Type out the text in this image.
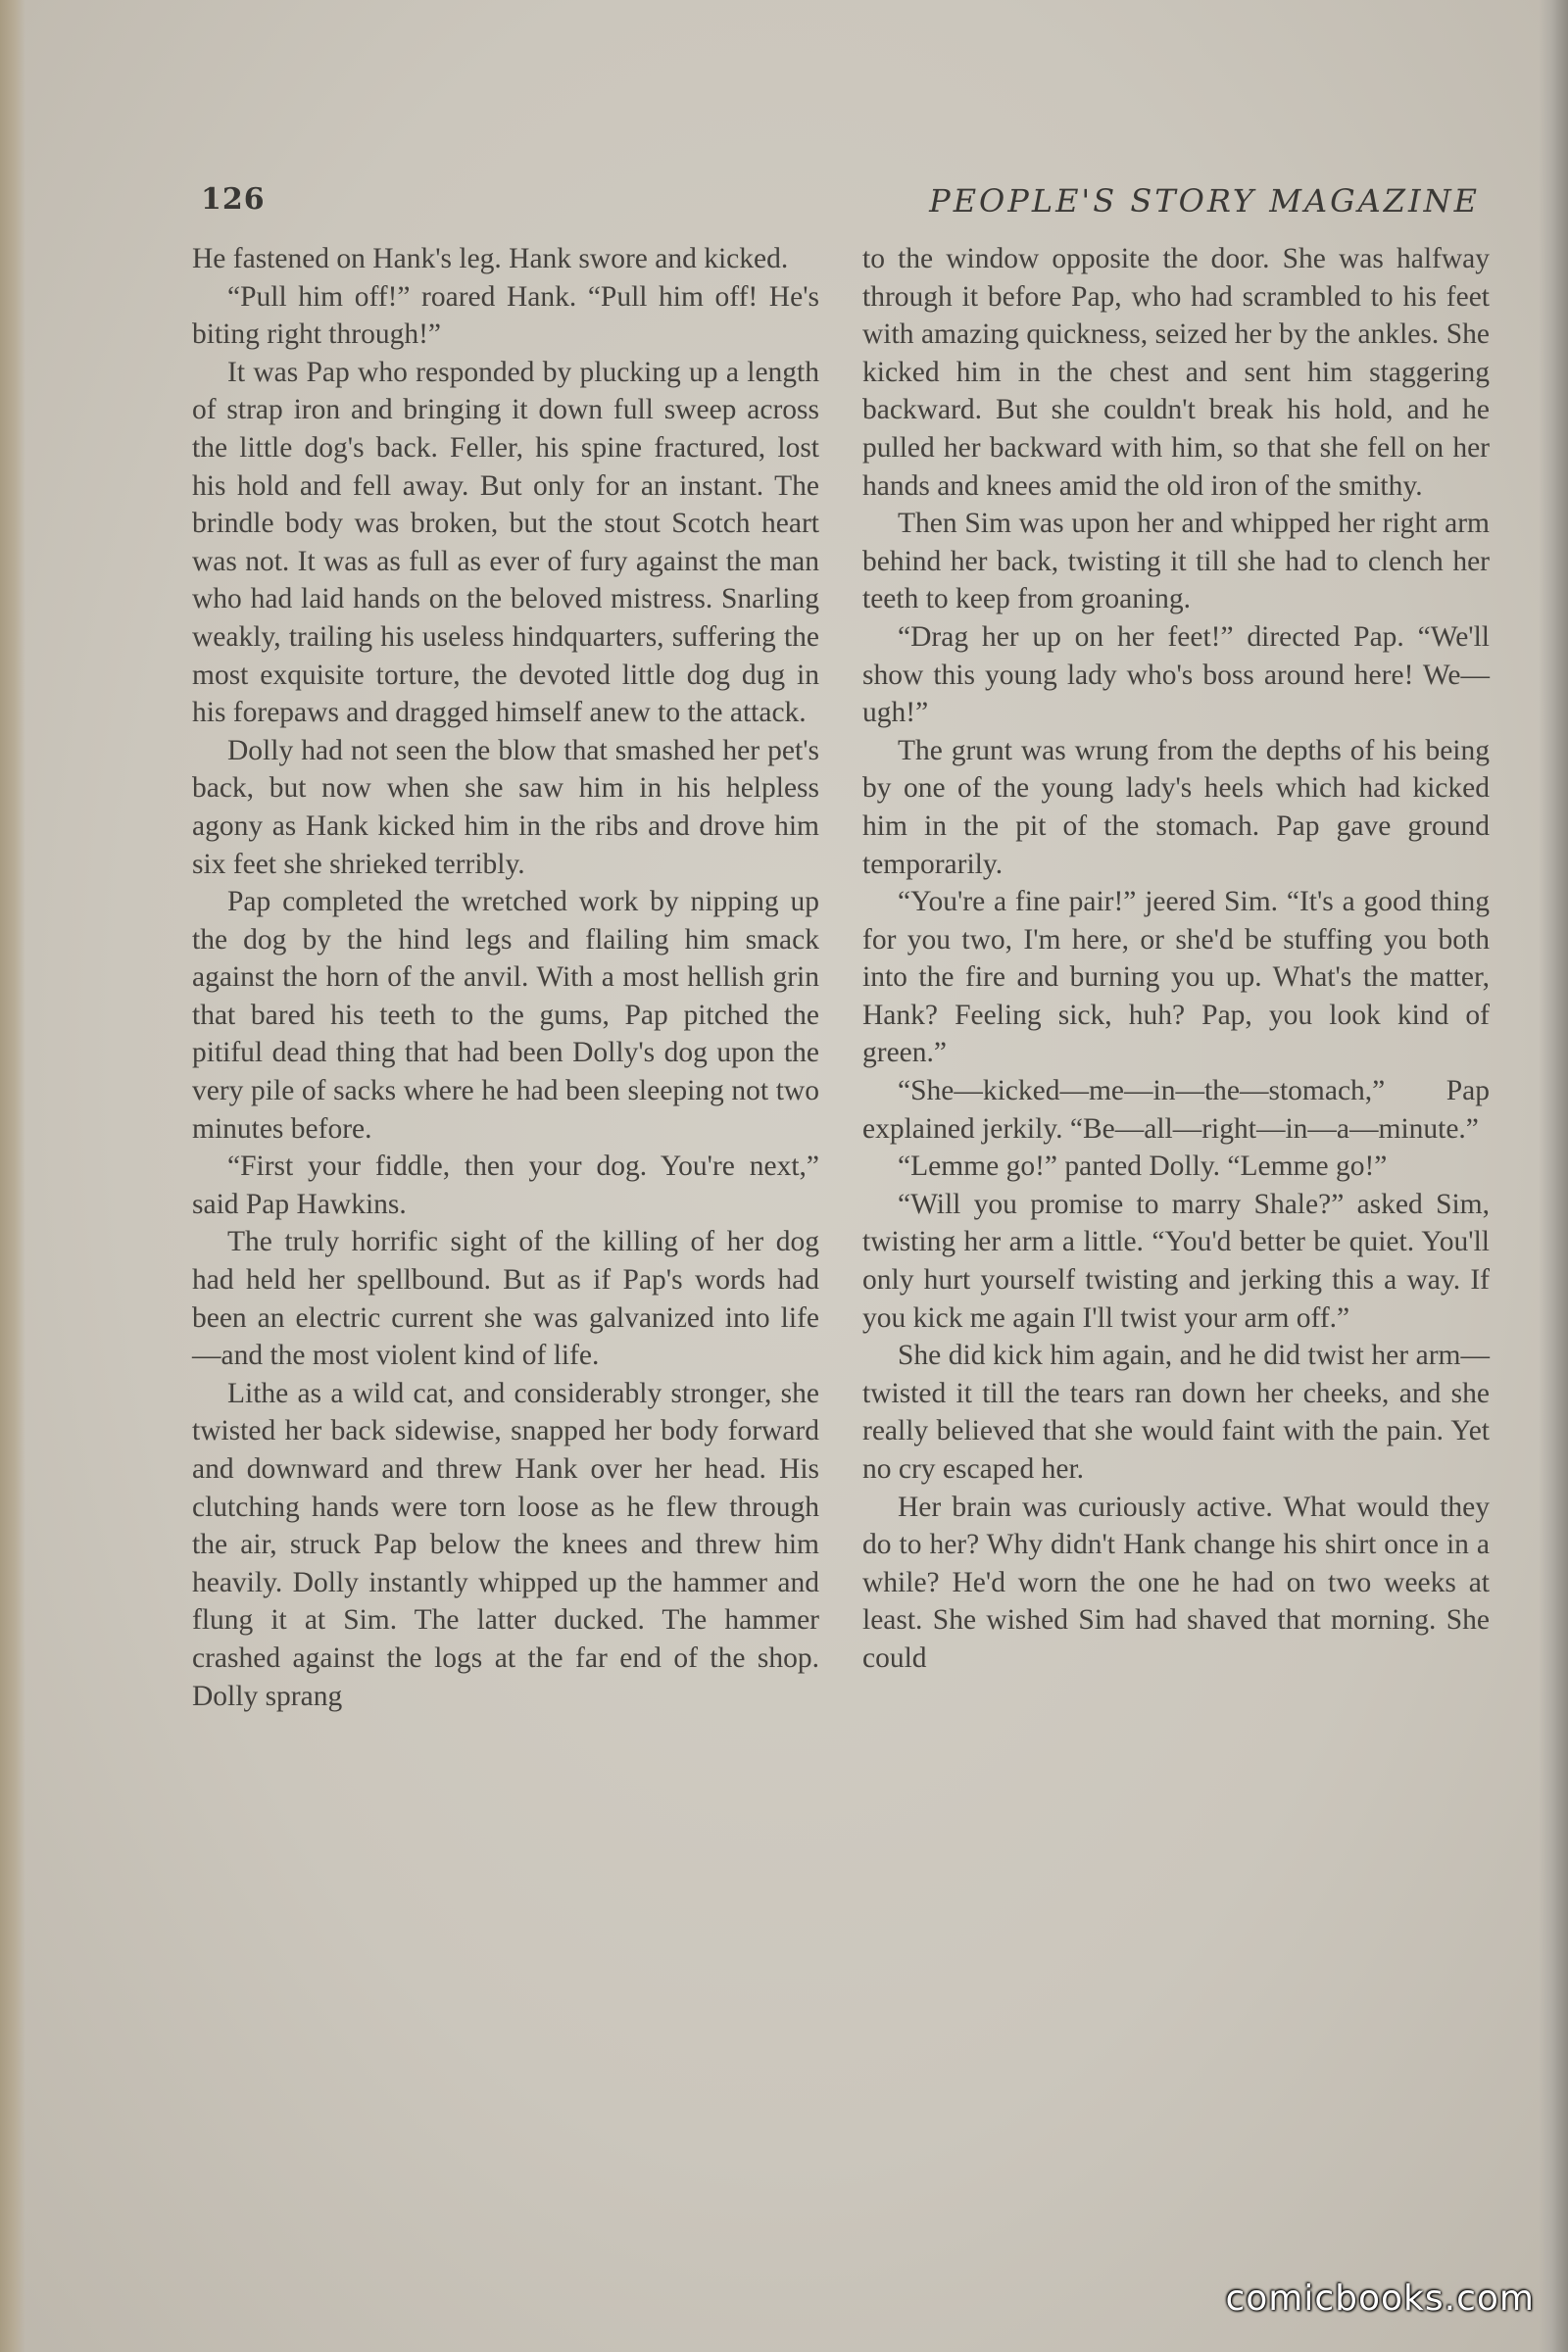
126	PEOPLE'S STORY MAGAZINE

He fastened on Hank's leg. Hank swore and kicked.

“Pull him off!” roared Hank. “Pull him off! He's biting right through!”

It was Pap who responded by plucking up a length of strap iron and bringing it down full sweep across the little dog's back. Feller, his spine fractured, lost his hold and fell away. But only for an instant. The brindle body was broken, but the stout Scotch heart was not. It was as full as ever of fury against the man who had laid hands on the beloved mistress. Snarling weakly, trailing his useless hindquarters, suffering the most exquisite torture, the devoted little dog dug in his forepaws and dragged himself anew to the attack.

Dolly had not seen the blow that smashed her pet's back, but now when she saw him in his helpless agony as Hank kicked him in the ribs and drove him six feet she shrieked terribly.

Pap completed the wretched work by nipping up the dog by the hind legs and flailing him smack against the horn of the anvil. With a most hellish grin that bared his teeth to the gums, Pap pitched the pitiful dead thing that had been Dolly's dog upon the very pile of sacks where he had been sleeping not two minutes before.

“First your fiddle, then your dog. You're next,” said Pap Hawkins.

The truly horrific sight of the killing of her dog had held her spellbound. But as if Pap's words had been an electric current she was galvanized into life —and the most violent kind of life.

Lithe as a wild cat, and considerably stronger, she twisted her back sidewise, snapped her body forward and downward and threw Hank over her head. His clutching hands were torn loose as he flew through the air, struck Pap below the knees and threw him heavily. Dolly instantly whipped up the hammer and flung it at Sim. The latter ducked. The hammer crashed against the logs at the far end of the shop. Dolly sprang

to the window opposite the door. She was halfway through it before Pap, who had scrambled to his feet with amazing quickness, seized her by the ankles. She kicked him in the chest and sent him staggering backward. But she couldn't break his hold, and he pulled her backward with him, so that she fell on her hands and knees amid the old iron of the smithy.

Then Sim was upon her and whipped her right arm behind her back, twisting it till she had to clench her teeth to keep from groaning.

“Drag her up on her feet!” directed Pap. “We'll show this young lady who's boss around here! We—ugh!”

The grunt was wrung from the depths of his being by one of the young lady's heels which had kicked him in the pit of the stomach. Pap gave ground temporarily.

“You're a fine pair!” jeered Sim. “It's a good thing for you two, I'm here, or she'd be stuffing you both into the fire and burning you up. What's the matter, Hank? Feeling sick, huh? Pap, you look kind of green.”

“She—kicked—me—in—the—stomach,” Pap explained jerkily. “Be—all—right—in—a—minute.”

“Lemme go!” panted Dolly. “Lemme go!”

“Will you promise to marry Shale?” asked Sim, twisting her arm a little. “You'd better be quiet. You'll only hurt yourself twisting and jerking this a way. If you kick me again I'll twist your arm off.”

She did kick him again, and he did twist her arm—twisted it till the tears ran down her cheeks, and she really believed that she would faint with the pain. Yet no cry escaped her.

Her brain was curiously active. What would they do to her? Why didn't Hank change his shirt once in a while? He'd worn the one he had on two weeks at least. She wished Sim had shaved that morning. She could

comicbooks.com
